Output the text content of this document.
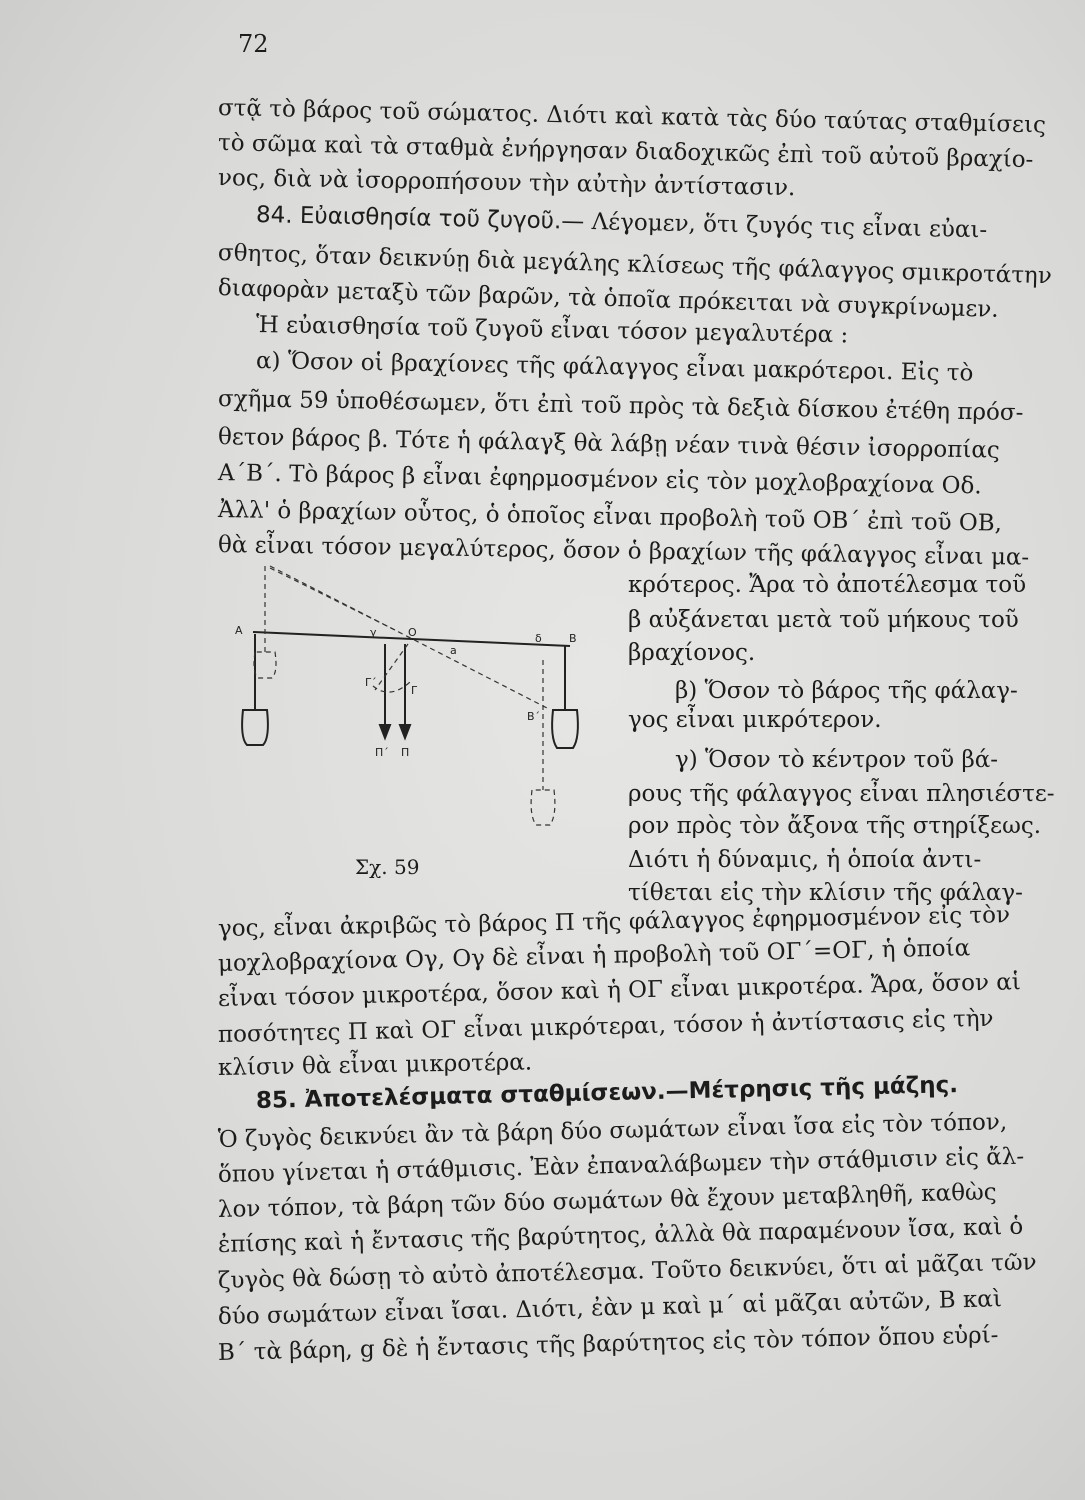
72
στᾷ τὸ βάρος τοῦ σώματος. Διότι καὶ κατὰ τὰς δύο ταύτας σταθμίσεις
τὸ σῶμα καὶ τὰ σταθμὰ ἐνήργησαν διαδοχικῶς ἐπὶ τοῦ αὐτοῦ βραχίο-
νος, διὰ νὰ ἰσορροπήσουν τὴν αὐτὴν ἀντίστασιν.
84. Εὐαισθησία τοῦ ζυγοῦ.— Λέγομεν, ὅτι ζυγός τις εἶναι εὐαι-
σθητος, ὅταν δεικνύῃ διὰ μεγάλης κλίσεως τῆς φάλαγγος σμικροτάτην
διαφορὰν μεταξὺ τῶν βαρῶν, τὰ ὁποῖα πρόκειται νὰ συγκρίνωμεν.
Ἡ εὐαισθησία τοῦ ζυγοῦ εἶναι τόσον μεγαλυτέρα :
α) Ὅσον οἱ βραχίονες τῆς φάλαγγος εἶναι μακρότεροι. Εἰς τὸ
σχῆμα 59 ὑποθέσωμεν, ὅτι ἐπὶ τοῦ πρὸς τὰ δεξιὰ δίσκου ἐτέθη πρόσ-
θετον βάρος β. Τότε ἡ φάλαγξ θὰ λάβῃ νέαν τινὰ θέσιν ἰσορροπίας
Α΄Β΄. Τὸ βάρος β εἶναι ἐφηρμοσμένον εἰς τὸν μοχλοβραχίονα Οδ.
Ἀλλ' ὁ βραχίων οὗτος, ὁ ὁποῖος εἶναι προβολὴ τοῦ ΟΒ΄ ἐπὶ τοῦ ΟΒ,
θὰ εἶναι τόσον μεγαλύτερος, ὅσον ὁ βραχίων τῆς φάλαγγος εἶναι μα-
κρότερος. Ἄρα τὸ ἀποτέλεσμα τοῦ
β αὐξάνεται μετὰ τοῦ μήκους τοῦ
βραχίονος.
β) Ὅσον τὸ βάρος τῆς φάλαγ-
γος εἶναι μικρότερον.
γ) Ὅσον τὸ κέντρον τοῦ βά-
ρους τῆς φάλαγγος εἶναι πλησιέστε-
ρον πρὸς τὸν ἄξονα τῆς στηρίξεως.
Διότι ἡ δύναμις, ἡ ὁποία ἀντι-
τίθεται εἰς τὴν κλίσιν τῆς φάλαγ-
A	O	B
δ
a
γ
Γ΄
Γ
Β΄
Π΄ Π
Σχ. 59
γος, εἶναι ἀκριβῶς τὸ βάρος Π τῆς φάλαγγος ἐφηρμοσμένον εἰς τὸν
μοχλοβραχίονα Ογ, Ογ δὲ εἶναι ἡ προβολὴ τοῦ ΟΓ΄=ΟΓ, ἡ ὁποία
εἶναι τόσον μικροτέρα, ὅσον καὶ ἡ ΟΓ εἶναι μικροτέρα. Ἄρα, ὅσον αἱ
ποσότητες Π καὶ ΟΓ εἶναι μικρότεραι, τόσον ἡ ἀντίστασις εἰς τὴν
κλίσιν θὰ εἶναι μικροτέρα.
85. Ἀποτελέσματα σταθμίσεων.—Μέτρησις τῆς μάζης.
Ὁ ζυγὸς δεικνύει ἂν τὰ βάρη δύο σωμάτων εἶναι ἴσα εἰς τὸν τόπον,
ὅπου γίνεται ἡ στάθμισις. Ἐὰν ἐπαναλάβωμεν τὴν στάθμισιν εἰς ἄλ-
λον τόπον, τὰ βάρη τῶν δύο σωμάτων θὰ ἔχουν μεταβληθῆ, καθὼς
ἐπίσης καὶ ἡ ἔντασις τῆς βαρύτητος, ἀλλὰ θὰ παραμένουν ἴσα, καὶ ὁ
ζυγὸς θὰ δώσῃ τὸ αὐτὸ ἀποτέλεσμα. Τοῦτο δεικνύει, ὅτι αἱ μᾶζαι τῶν
δύο σωμάτων εἶναι ἴσαι. Διότι, ἐὰν μ καὶ μ΄ αἱ μᾶζαι αὐτῶν, Β καὶ
Β΄ τὰ βάρη, g δὲ ἡ ἔντασις τῆς βαρύτητος εἰς τὸν τόπον ὅπου εὑρί-
